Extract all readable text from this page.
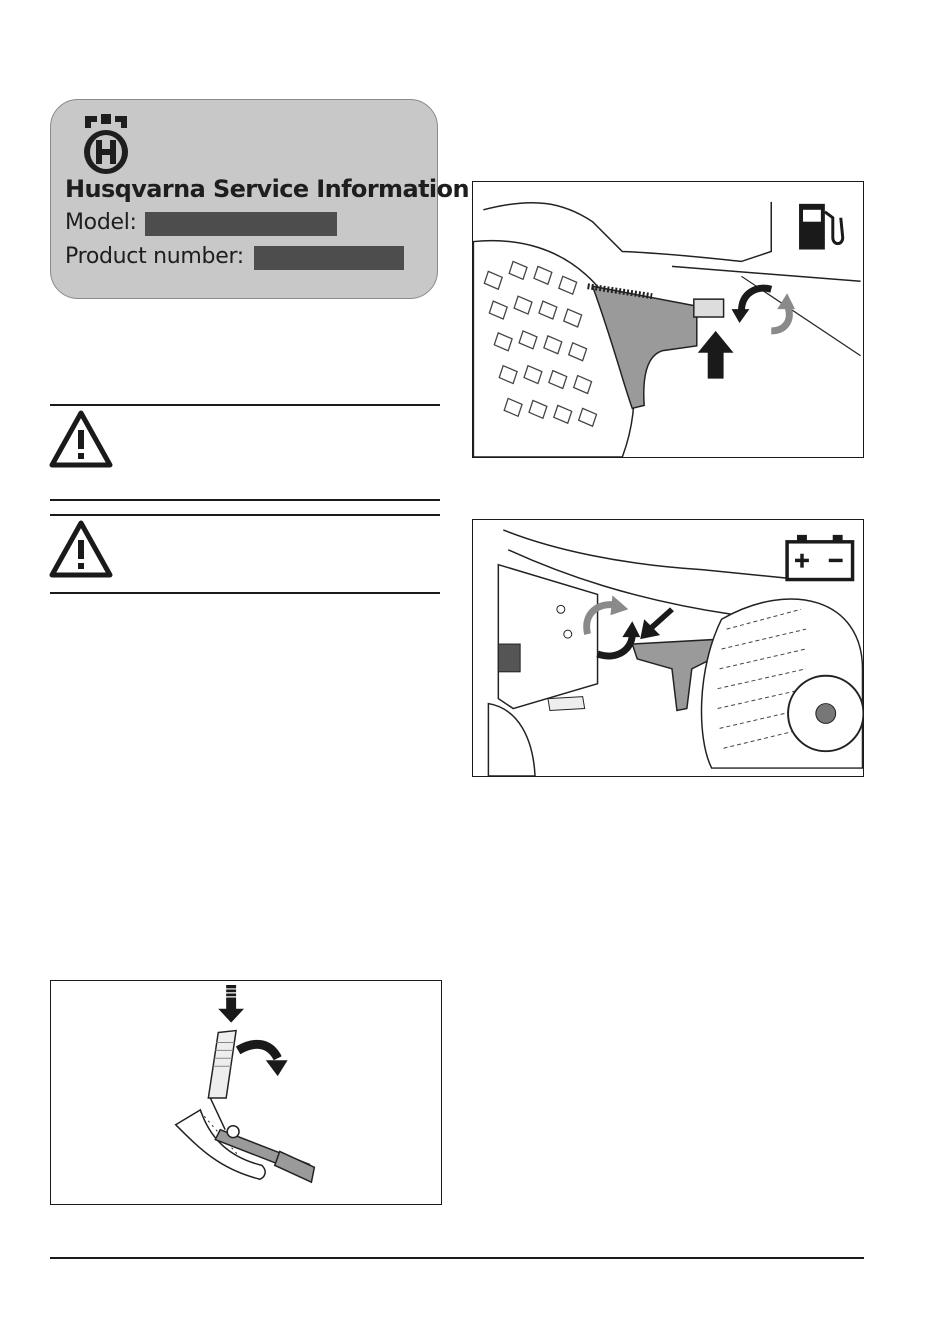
Husqvarna Service Information
Model:
Product number:
